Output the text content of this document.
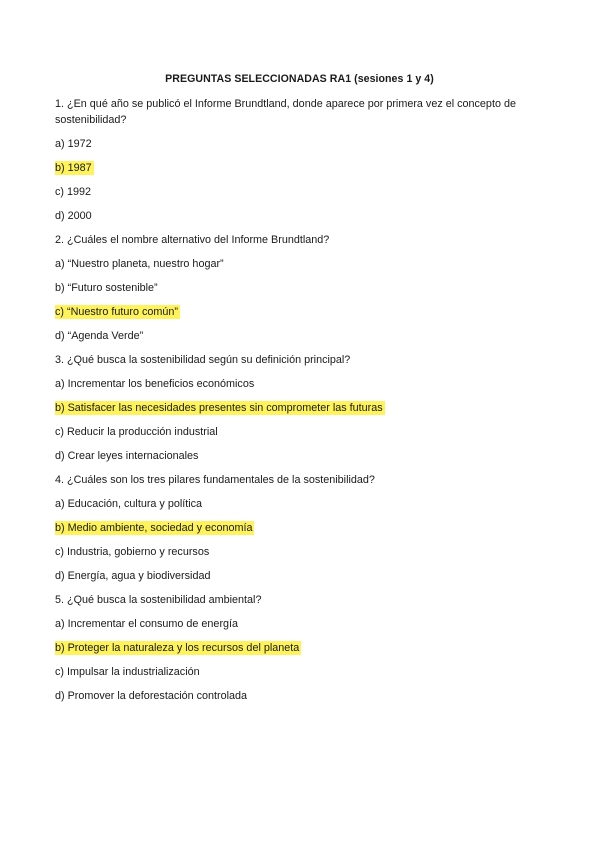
PREGUNTAS SELECCIONADAS RA1 (sesiones 1 y 4)
1. ¿En qué año se publicó el Informe Brundtland, donde aparece por primera vez el concepto de sostenibilidad?
a) 1972
b) 1987
c) 1992
d) 2000
2. ¿Cuáles el nombre alternativo del Informe Brundtland?
a) “Nuestro planeta, nuestro hogar”
b) “Futuro sostenible”
c) “Nuestro futuro común”
d) “Agenda Verde”
3. ¿Qué busca la sostenibilidad según su definición principal?
a) Incrementar los beneficios económicos
b) Satisfacer las necesidades presentes sin comprometer las futuras
c) Reducir la producción industrial
d) Crear leyes internacionales
4. ¿Cuáles son los tres pilares fundamentales de la sostenibilidad?
a) Educación, cultura y política
b) Medio ambiente, sociedad y economía
c) Industria, gobierno y recursos
d) Energía, agua y biodiversidad
5. ¿Qué busca la sostenibilidad ambiental?
a) Incrementar el consumo de energía
b) Proteger la naturaleza y los recursos del planeta
c) Impulsar la industrialización
d) Promover la deforestación controlada
